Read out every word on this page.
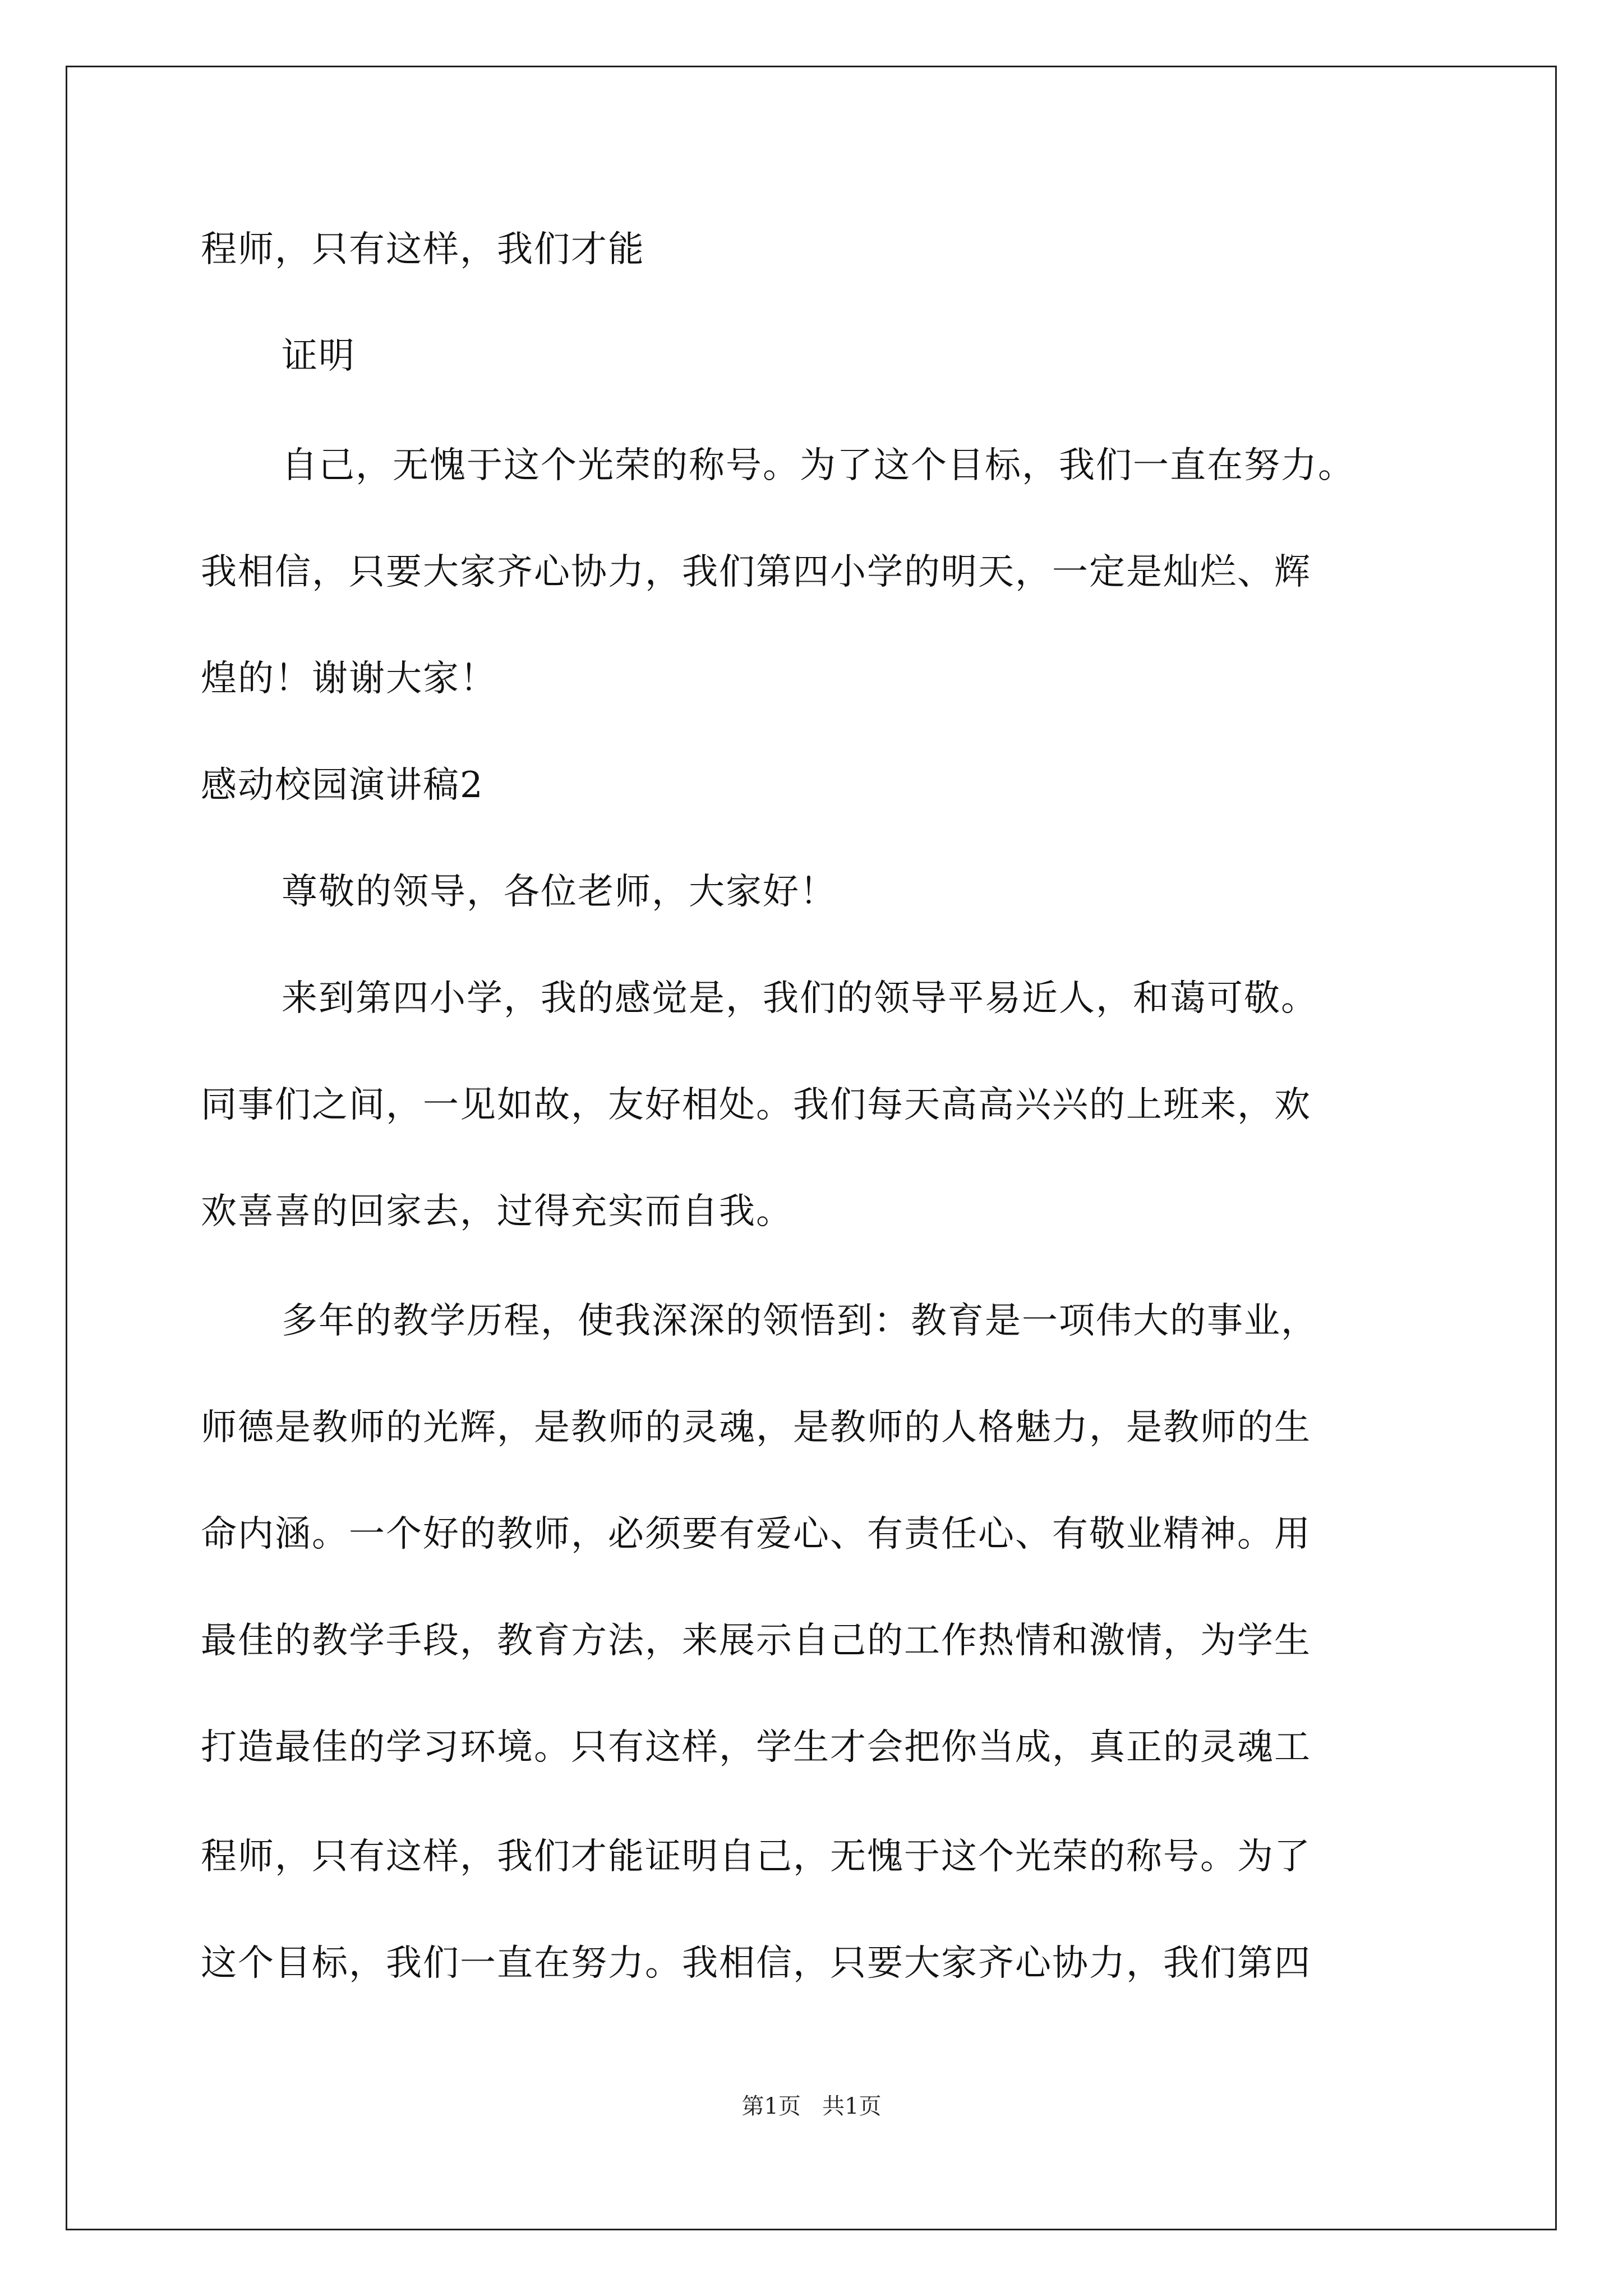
程师，只有这样，我们才能
证明
自己，无愧于这个光荣的称号。为了这个目标，我们一直在努力。
我相信，只要大家齐心协力，我们第四小学的明天，一定是灿烂、辉
煌的！谢谢大家！
感动校园演讲稿2
尊敬的领导，各位老师，大家好！
来到第四小学，我的感觉是，我们的领导平易近人，和蔼可敬。
同事们之间，一见如故，友好相处。我们每天高高兴兴的上班来，欢
欢喜喜的回家去，过得充实而自我。
多年的教学历程，使我深深的领悟到：教育是一项伟大的事业，
师德是教师的光辉，是教师的灵魂，是教师的人格魅力，是教师的生
命内涵。一个好的教师，必须要有爱心、有责任心、有敬业精神。用
最佳的教学手段，教育方法，来展示自己的工作热情和激情，为学生
打造最佳的学习环境。只有这样，学生才会把你当成，真正的灵魂工
程师，只有这样，我们才能证明自己，无愧于这个光荣的称号。为了
这个目标，我们一直在努力。我相信，只要大家齐心协力，我们第四
第1页   共1页
